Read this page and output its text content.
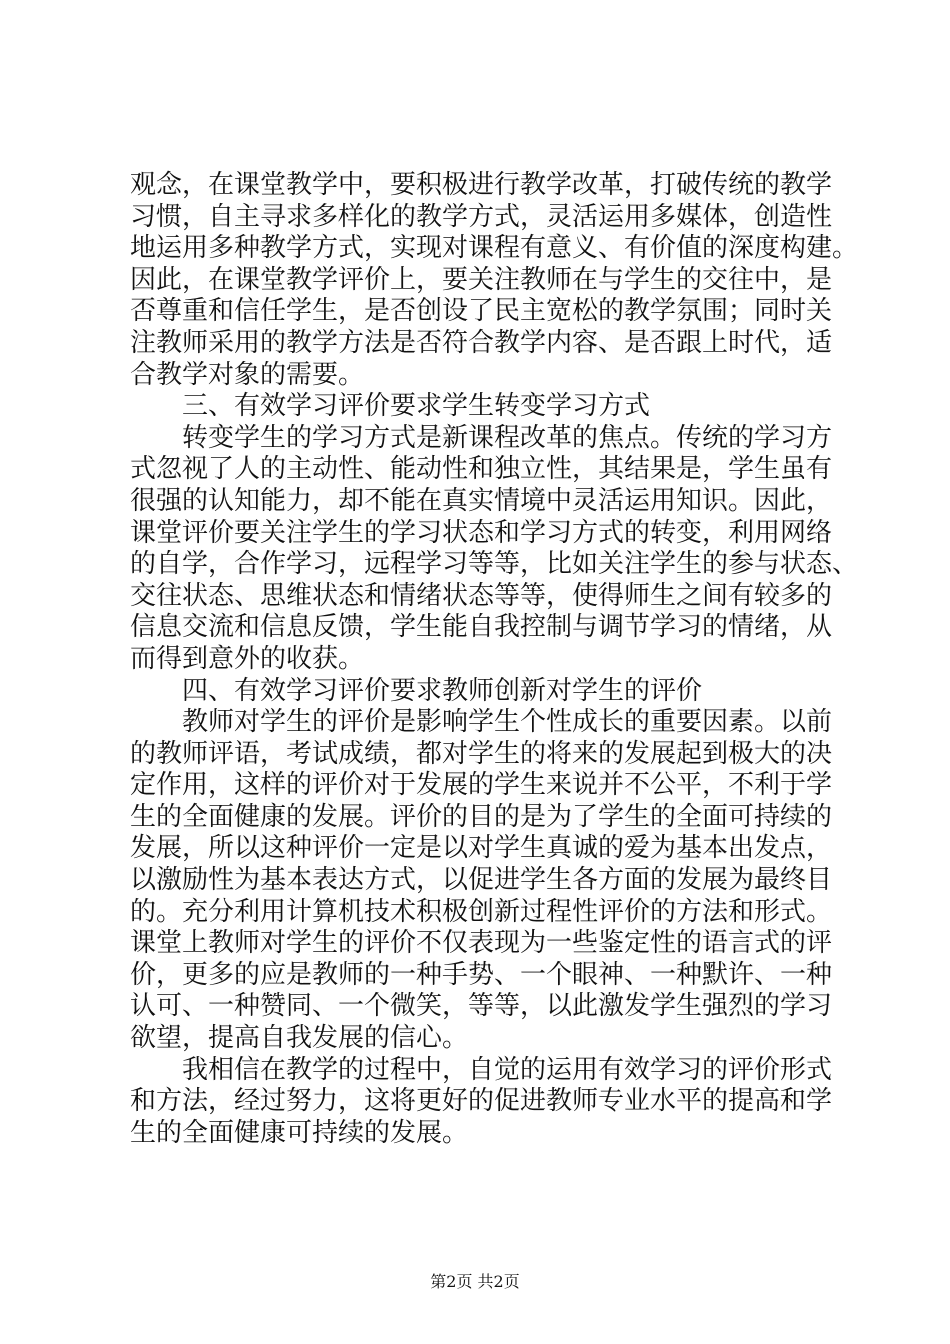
观念，在课堂教学中，要积极进行教学改革，打破传统的教学
习惯，自主寻求多样化的教学方式，灵活运用多媒体，创造性
地运用多种教学方式，实现对课程有意义、有价值的深度构建。
因此，在课堂教学评价上，要关注教师在与学生的交往中，是
否尊重和信任学生，是否创设了民主宽松的教学氛围；同时关
注教师采用的教学方法是否符合教学内容、是否跟上时代，适
合教学对象的需要。
三、有效学习评价要求学生转变学习方式
转变学生的学习方式是新课程改革的焦点。传统的学习方
式忽视了人的主动性、能动性和独立性，其结果是，学生虽有
很强的认知能力，却不能在真实情境中灵活运用知识。因此，
课堂评价要关注学生的学习状态和学习方式的转变，利用网络
的自学，合作学习，远程学习等等，比如关注学生的参与状态、
交往状态、思维状态和情绪状态等等，使得师生之间有较多的
信息交流和信息反馈，学生能自我控制与调节学习的情绪，从
而得到意外的收获。
四、有效学习评价要求教师创新对学生的评价
教师对学生的评价是影响学生个性成长的重要因素。以前
的教师评语，考试成绩，都对学生的将来的发展起到极大的决
定作用，这样的评价对于发展的学生来说并不公平，不利于学
生的全面健康的发展。评价的目的是为了学生的全面可持续的
发展，所以这种评价一定是以对学生真诚的爱为基本出发点，
以激励性为基本表达方式，以促进学生各方面的发展为最终目
的。充分利用计算机技术积极创新过程性评价的方法和形式。
课堂上教师对学生的评价不仅表现为一些鉴定性的语言式的评
价，更多的应是教师的一种手势、一个眼神、一种默许、一种
认可、一种赞同、一个微笑，等等，以此激发学生强烈的学习
欲望，提高自我发展的信心。
我相信在教学的过程中，自觉的运用有效学习的评价形式
和方法，经过努力，这将更好的促进教师专业水平的提高和学
生的全面健康可持续的发展。
第2页 共2页
